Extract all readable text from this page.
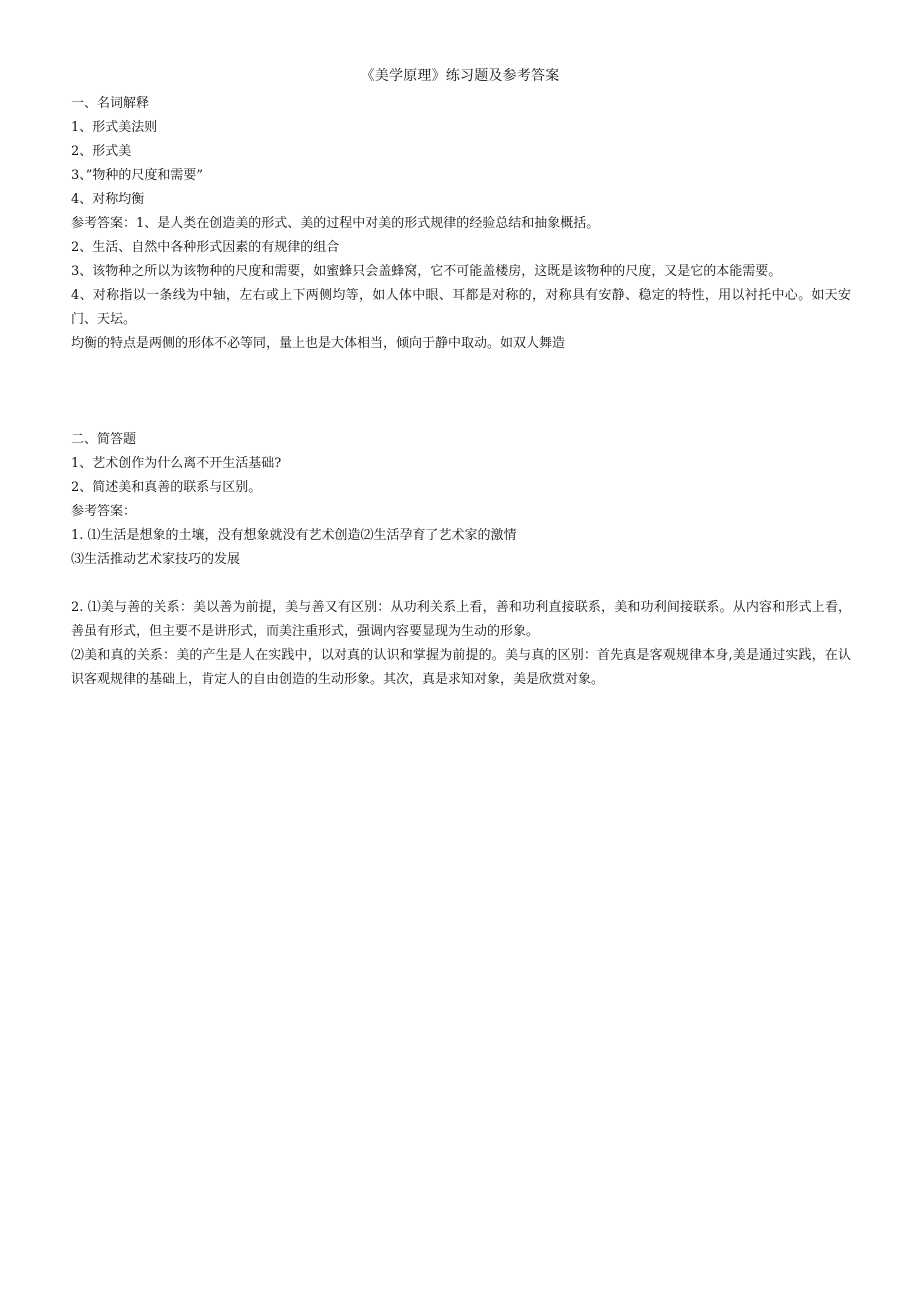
《美学原理》练习题及参考答案
一、名词解释
1、形式美法则
2、形式美
3、”物种的尺度和需要”
4、对称均衡
参考答案：1、是人类在创造美的形式、美的过程中对美的形式规律的经验总结和抽象概括。
2、生活、自然中各种形式因素的有规律的组合
3、该物种之所以为该物种的尺度和需要，如蜜蜂只会盖蜂窝，它不可能盖楼房，这既是该物种的尺度，又是它的本能需要。
4、对称指以一条线为中轴，左右或上下两侧均等，如人体中眼、耳都是对称的，对称具有安静、稳定的特性，用以衬托中心。如天安门、天坛。
均衡的特点是两侧的形体不必等同，量上也是大体相当，倾向于静中取动。如双人舞造
二、简答题
1、艺术创作为什么离不开生活基础?
2、简述美和真善的联系与区别。
参考答案：
1. ⑴生活是想象的土壤，没有想象就没有艺术创造⑵生活孕育了艺术家的激情
⑶生活推动艺术家技巧的发展
2. ⑴美与善的关系：美以善为前提，美与善又有区别：从功利关系上看，善和功利直接联系，美和功利间接联系。从内容和形式上看，善虽有形式，但主要不是讲形式，而美注重形式，强调内容要显现为生动的形象。
⑵美和真的关系：美的产生是人在实践中，以对真的认识和掌握为前提的。美与真的区别：首先真是客观规律本身,美是通过实践，在认识客观规律的基础上，肯定人的自由创造的生动形象。其次，真是求知对象，美是欣赏对象。
